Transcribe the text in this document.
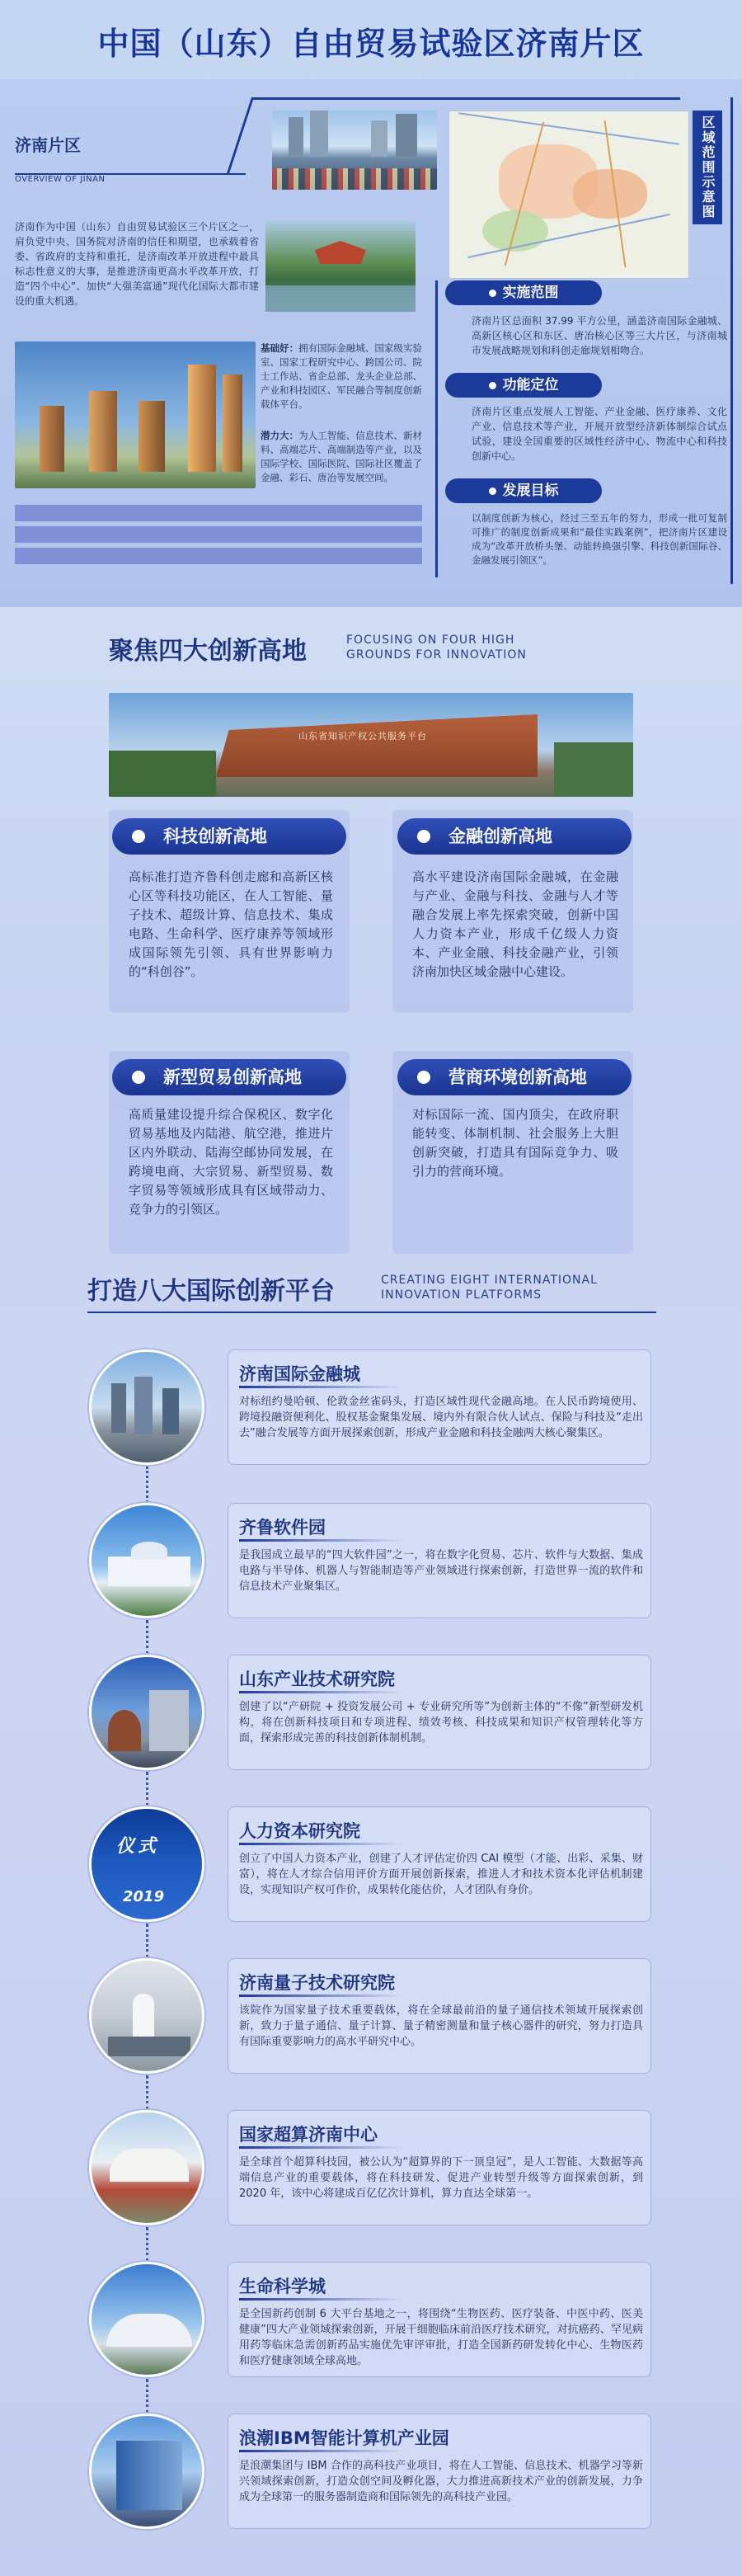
中国（山东）自由贸易试验区济南片区
济南片区
OVERVIEW OF JINAN	区域范围示意图
济南作为中国（山东）自由贸易试验区三个片区之一，肩负党中央、国务院对济南的信任和期望，也承载着省委、省政府的支持和重托，是济南改革开放进程中最具标志性意义的大事，是推进济南更高水平改革开放，打造“四个中心”、加快“大强美富通”现代化国际大都市建设的重大机遇。
基础好：拥有国际金融城、国家级实验室、国家工程研究中心、跨国公司、院士工作站、省企总部、龙头企业总部、产业和科技园区、军民融合等制度创新载体平台。
潜力大：为人工智能、信息技术、新材料、高端芯片、高端制造等产业，以及国际学校、国际医院、国际社区覆盖了金融、彩石、唐冶等发展空间。
实施范围
济南片区总面积 37.99 平方公里，涵盖济南国际金融城、高新区核心区和东区、唐冶核心区等三大片区，与济南城市发展战略规划和科创走廊规划相吻合。
功能定位
济南片区重点发展人工智能、产业金融、医疗康养、文化产业、信息技术等产业，开展开放型经济新体制综合试点试验，建设全国重要的区域性经济中心、物流中心和科技创新中心。
发展目标
以制度创新为核心，经过三至五年的努力，形成一批可复制可推广的制度创新成果和“最佳实践案例”，把济南片区建设成为“改革开放桥头堡、动能转换强引擎、科技创新国际谷、金融发展引领区”。
聚焦四大创新高地	FOCUSING ON FOUR HIGH
GROUNDS FOR INNOVATION
山东省知识产权公共服务平台
科技创新高地
高标准打造齐鲁科创走廊和高新区核心区等科技功能区，在人工智能、量子技术、超级计算、信息技术、集成电路、生命科学、医疗康养等领域形成国际领先引领、具有世界影响力的“科创谷”。
金融创新高地
高水平建设济南国际金融城，在金融与产业、金融与科技、金融与人才等融合发展上率先探索突破，创新中国人力资本产业，形成千亿级人力资本、产业金融、科技金融产业，引领济南加快区域金融中心建设。
新型贸易创新高地
高质量建设提升综合保税区、数字化贸易基地及内陆港、航空港，推进片区内外联动、陆海空邮协同发展，在跨境电商、大宗贸易、新型贸易、数字贸易等领域形成具有区域带动力、竞争力的引领区。
营商环境创新高地
对标国际一流、国内顶尖，在政府职能转变、体制机制、社会服务上大胆创新突破，打造具有国际竞争力、吸引力的营商环境。
打造八大国际创新平台	CREATING EIGHT INTERNATIONAL
INNOVATION PLATFORMS
济南国际金融城
对标纽约曼哈顿、伦敦金丝雀码头，打造区域性现代金融高地。在人民币跨境使用、跨境投融资便利化、股权基金聚集发展、境内外有限合伙人试点、保险与科技及“走出去”融合发展等方面开展探索创新，形成产业金融和科技金融两大核心聚集区。
齐鲁软件园
是我国成立最早的“四大软件园”之一，将在数字化贸易、芯片、软件与大数据、集成电路与半导体、机器人与智能制造等产业领域进行探索创新，打造世界一流的软件和信息技术产业聚集区。
山东产业技术研究院
创建了以“产研院 + 投资发展公司 + 专业研究所等”为创新主体的“不像”新型研发机构，将在创新科技项目和专项进程、绩效考核、科技成果和知识产权管理转化等方面，探索形成完善的科技创新体制机制。
仪式
2019
人力资本研究院
创立了中国人力资本产业，创建了人才评估定价四 CAI 模型（才能、出彩、采集、财富），将在人才综合信用评价方面开展创新探索，推进人才和技术资本化评估机制建设，实现知识产权可作价，成果转化能估价，人才团队有身价。
济南量子技术研究院
该院作为国家量子技术重要载体，将在全球最前沿的量子通信技术领域开展探索创新，致力于量子通信、量子计算、量子精密测量和量子核心器件的研究，努力打造具有国际重要影响力的高水平研究中心。
国家超算济南中心
是全球首个超算科技园，被公认为“超算界的下一顶皇冠”，是人工智能、大数据等高端信息产业的重要载体，将在科技研发、促进产业转型升级等方面探索创新，到 2020 年，该中心将建成百亿亿次计算机，算力直达全球第一。
生命科学城
是全国新药创制 6 大平台基地之一，将围绕“生物医药、医疗装备、中医中药、医美健康”四大产业领域探索创新，开展干细胞临床前沿医疗技术研究，对抗癌药、罕见病用药等临床急需创新药品实施优先审评审批，打造全国新药研发转化中心、生物医药和医疗健康领域全球高地。
浪潮IBM智能计算机产业园
是浪潮集团与 IBM 合作的高科技产业项目，将在人工智能、信息技术、机器学习等新兴领域探索创新，打造众创空间及孵化器，大力推进高新技术产业的创新发展，力争成为全球第一的服务器制造商和国际领先的高科技产业园。
